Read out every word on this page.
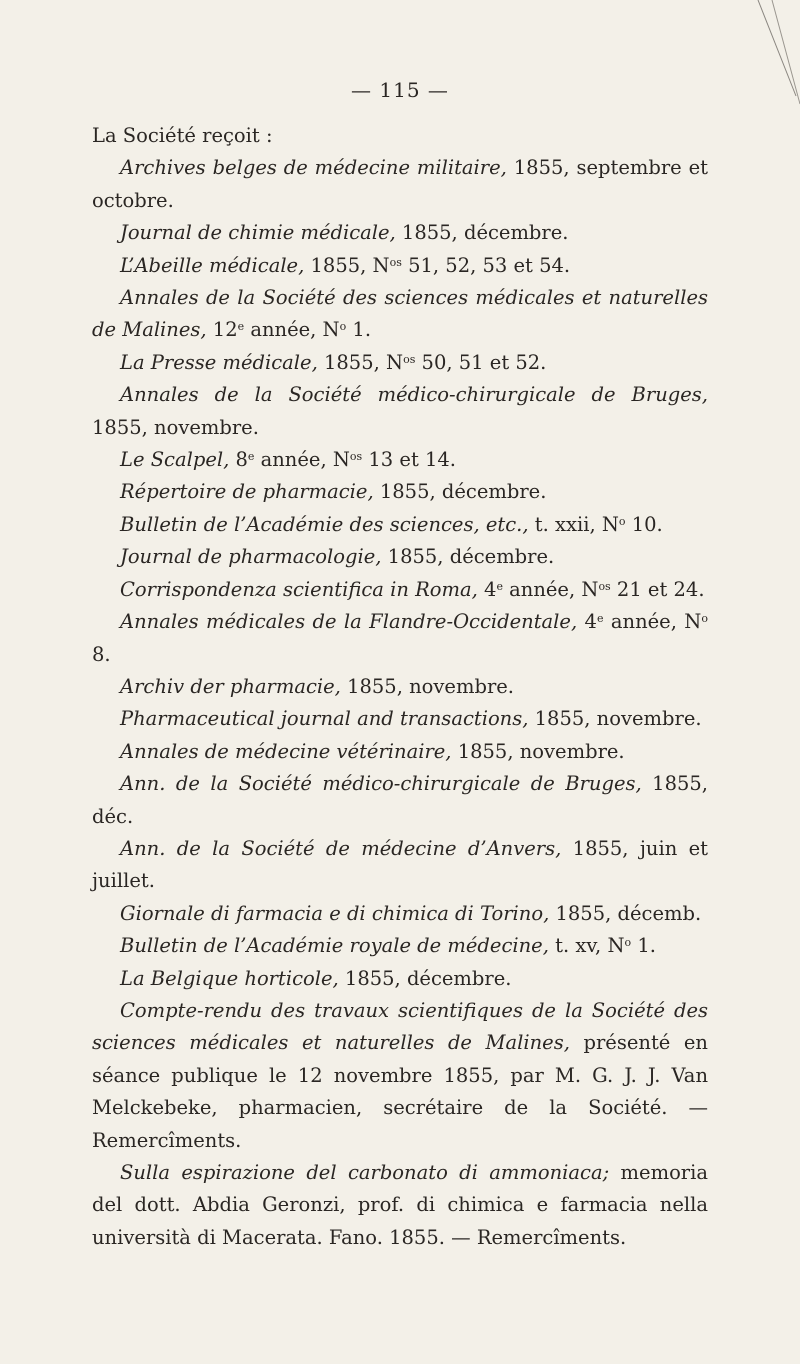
— 115 —

La Société reçoit :

Archives belges de médecine militaire, 1855, septembre et octobre.

Journal de chimie médicale, 1855, décembre.

L’Abeille médicale, 1855, $N^{os}$ 51, 52, 53 et 54.

Annales de la Société des sciences médicales et naturelles de Malines, 12e année, $N^o$ 1.

La Presse médicale, 1855, $N^{os}$ 50, 51 et 52.

Annales de la Société médico-chirurgicale de Bruges, 1855, novembre.

Le Scalpel, 8e année, $N^{os}$ 13 et 14.

Répertoire de pharmacie, 1855, décembre.

Bulletin de l’Académie des sciences, etc., t. xxii, $N^o$ 10.

Journal de pharmacologie, 1855, décembre.

Corrispondenza scientifica in Roma, 4e année, $N^{os}$ 21 et 24.

Annales médicales de la Flandre-Occidentale, 4e année, $N^o$ 8.

Archiv der pharmacie, 1855, novembre.

Pharmaceutical journal and transactions, 1855, novembre.

Annales de médecine vétérinaire, 1855, novembre.

Ann. de la Société médico-chirurgicale de Bruges, 1855, déc.

Ann. de la Société de médecine d’Anvers, 1855, juin et juillet.

Giornale di farmacia e di chimica di Torino, 1855, décemb.

Bulletin de l’Académie royale de médecine, t. xv, $N^o$ 1.

La Belgique horticole, 1855, décembre.

Compte-rendu des travaux scientifiques de la Société des sciences médicales et naturelles de Malines, présenté en séance publique le 12 novembre 1855, par M. G. J. J. Van Melckebeke, pharmacien, secrétaire de la Société. — Remercîments.

Sulla espirazione del carbonato di ammoniaca; memoria del dott. Abdia Geronzi, prof. di chimica e farmacia nella università di Macerata. Fano. 1855. — Remercîments.
